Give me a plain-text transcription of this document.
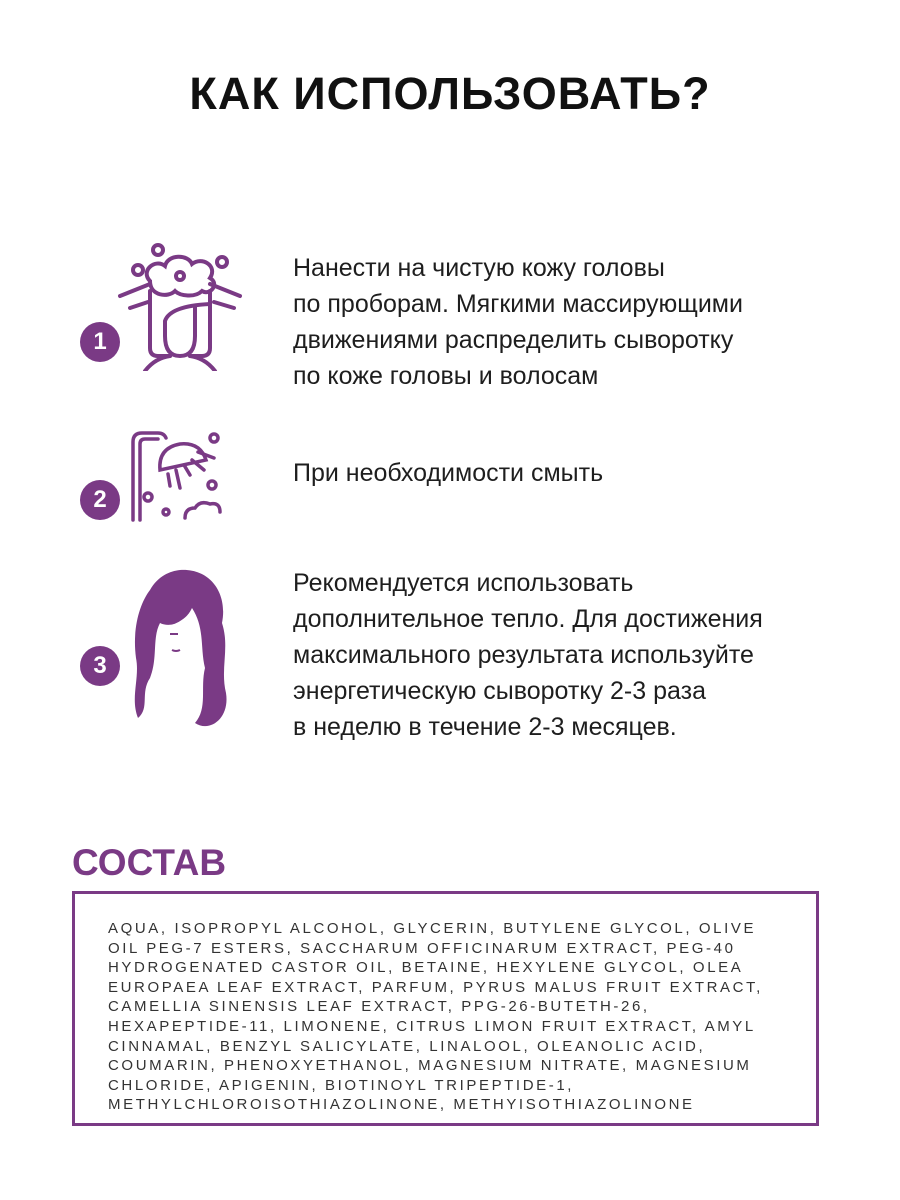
КАК ИСПОЛЬЗОВАТЬ?
1
Нанести на чистую кожу головы
по проборам. Мягкими массирующими
движениями распределить сыворотку
по коже головы и волосам
2
При необходимости смыть
3
Рекомендуется использовать
дополнительное тепло. Для достижения
максимального результата используйте
энергетическую сыворотку 2-3 раза
в неделю в течение 2-3 месяцев.
СОСТАВ
AQUA, ISOPROPYL ALCOHOL, GLYCERIN, BUTYLENE GLYCOL, OLIVE
OIL PEG-7 ESTERS, SACCHARUM OFFICINARUM EXTRACT, PEG-40
HYDROGENATED CASTOR OIL, BETAINE, HEXYLENE GLYCOL, OLEA
EUROPAEA LEAF EXTRACT, PARFUM, PYRUS MALUS FRUIT EXTRACT,
CAMELLIA SINENSIS LEAF EXTRACT, PPG-26-BUTETH-26,
HEXAPEPTIDE-11, LIMONENE, CITRUS LIMON FRUIT EXTRACT, AMYL
CINNAMAL, BENZYL SALICYLATE, LINALOOL, OLEANOLIC ACID,
COUMARIN, PHENOXYETHANOL, MAGNESIUM NITRATE, MAGNESIUM
CHLORIDE, APIGENIN, BIOTINOYL TRIPEPTIDE-1,
METHYLCHLOROISOTHIAZOLINONE, METHYISOTHIAZOLINONE
